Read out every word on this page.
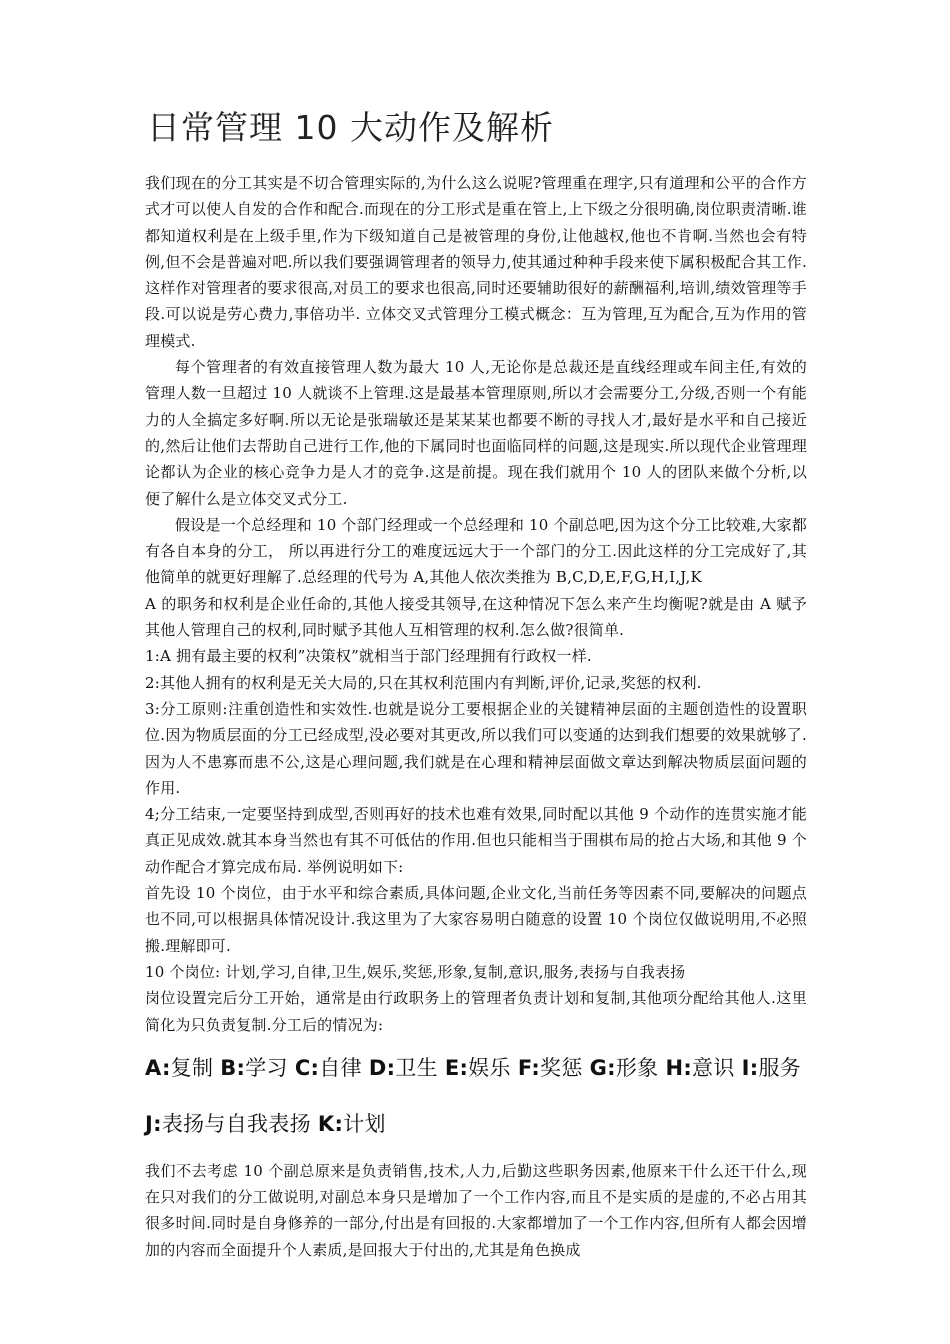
日常管理 10 大动作及解析

我们现在的分工其实是不切合管理实际的,为什么这么说呢?管理重在理字,只有道理和公平的合作方式才可以使人自发的合作和配合.而现在的分工形式是重在管上,上下级之分很明确,岗位职责清晰.谁都知道权利是在上级手里,作为下级知道自己是被管理的身份,让他越权,他也不肯啊.当然也会有特例,但不会是普遍对吧.所以我们要强调管理者的领导力,使其通过种种手段来使下属积极配合其工作.这样作对管理者的要求很高,对员工的要求也很高,同时还要辅助很好的薪酬福利,培训,绩效管理等手段.可以说是劳心费力,事倍功半. 立体交叉式管理分工模式概念：互为管理,互为配合,互为作用的管理模式.

每个管理者的有效直接管理人数为最大 10 人,无论你是总裁还是直线经理或车间主任,有效的管理人数一旦超过 10 人就谈不上管理.这是最基本管理原则,所以才会需要分工,分级,否则一个有能力的人全搞定多好啊.所以无论是张瑞敏还是某某某也都要不断的寻找人才,最好是水平和自己接近的,然后让他们去帮助自己进行工作,他的下属同时也面临同样的问题,这是现实.所以现代企业管理理论都认为企业的核心竞争力是人才的竞争.这是前提。现在我们就用个 10 人的团队来做个分析,以便了解什么是立体交叉式分工.

假设是一个总经理和 10 个部门经理或一个总经理和 10 个副总吧,因为这个分工比较难,大家都有各自本身的分工， 所以再进行分工的难度远远大于一个部门的分工.因此这样的分工完成好了,其他简单的就更好理解了.总经理的代号为 A,其他人依次类推为 B,C,D,E,F,G,H,I,J,K

A 的职务和权利是企业任命的,其他人接受其领导,在这种情况下怎么来产生均衡呢?就是由 A 赋予其他人管理自己的权利,同时赋予其他人互相管理的权利.怎么做?很简单.

1:A 拥有最主要的权利”决策权”就相当于部门经理拥有行政权一样.

2:其他人拥有的权利是无关大局的,只在其权利范围内有判断,评价,记录,奖惩的权利.

3:分工原则:注重创造性和实效性.也就是说分工要根据企业的关键精神层面的主题创造性的设置职位.因为物质层面的分工已经成型,没必要对其更改,所以我们可以变通的达到我们想要的效果就够了.因为人不患寡而患不公,这是心理问题,我们就是在心理和精神层面做文章达到解决物质层面问题的作用.

4;分工结束,一定要坚持到成型,否则再好的技术也难有效果,同时配以其他 9 个动作的连贯实施才能真正见成效.就其本身当然也有其不可低估的作用.但也只能相当于围棋布局的抢占大场,和其他 9 个动作配合才算完成布局. 举例说明如下:

首先设 10 个岗位，由于水平和综合素质,具体问题,企业文化,当前任务等因素不同,要解决的问题点也不同,可以根据具体情况设计.我这里为了大家容易明白随意的设置 10 个岗位仅做说明用,不必照搬.理解即可.

10 个岗位: 计划,学习,自律,卫生,娱乐,奖惩,形象,复制,意识,服务,表扬与自我表扬

岗位设置完后分工开始，通常是由行政职务上的管理者负责计划和复制,其他项分配给其他人.这里简化为只负责复制.分工后的情况为:

A:复制 B:学习 C:自律 D:卫生 E:娱乐 F:奖惩 G:形象 H:意识 I:服务 J:表扬与自我表扬 K:计划

我们不去考虑 10 个副总原来是负责销售,技术,人力,后勤这些职务因素,他原来干什么还干什么,现在只对我们的分工做说明,对副总本身只是增加了一个工作内容,而且不是实质的是虚的,不必占用其很多时间.同时是自身修养的一部分,付出是有回报的.大家都增加了一个工作内容,但所有人都会因增加的内容而全面提升个人素质,是回报大于付出的,尤其是角色换成
